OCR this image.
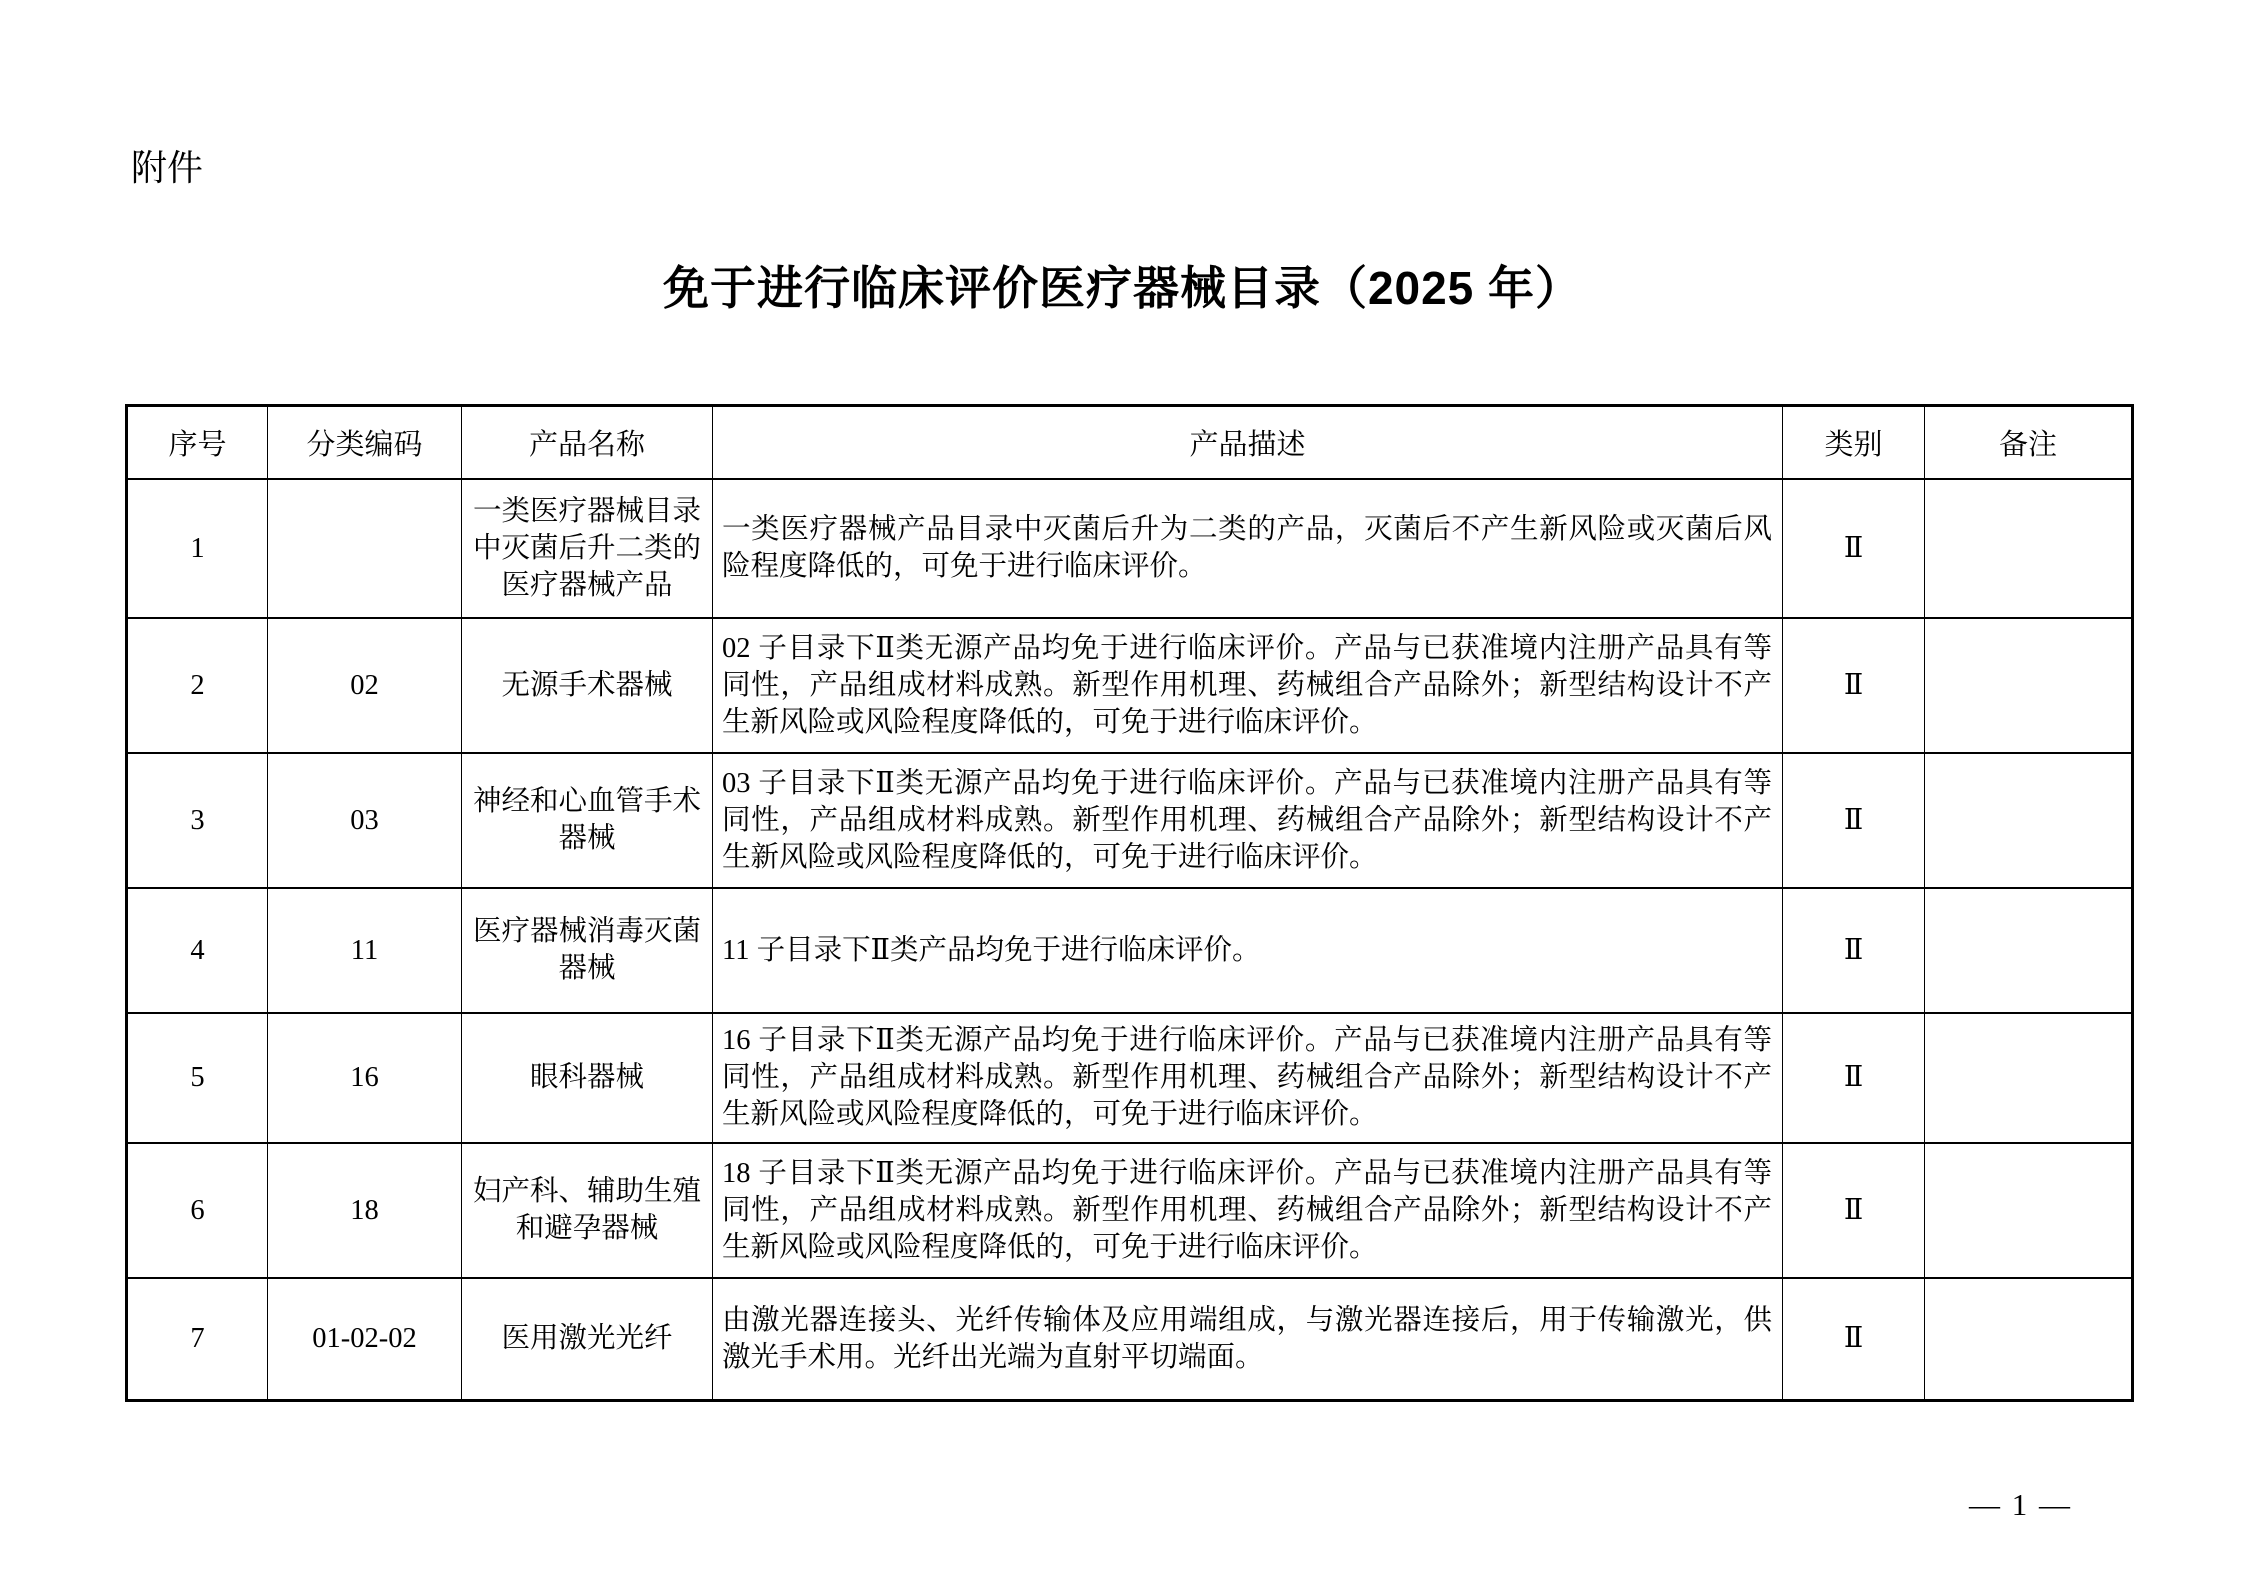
附件
免于进行临床评价医疗器械目录（2025 年）
序号	分类编码	产品名称	产品描述	类别	备注
1		一类医疗器械目录中灭菌后升二类的医疗器械产品	一类医疗器械产品目录中灭菌后升为二类的产品，灭菌后不产生新风险或灭菌后风险程度降低的，可免于进行临床评价。	Ⅱ	
2	02	无源手术器械	02 子目录下Ⅱ类无源产品均免于进行临床评价。产品与已获准境内注册产品具有等同性，产品组成材料成熟。新型作用机理、药械组合产品除外；新型结构设计不产生新风险或风险程度降低的，可免于进行临床评价。	Ⅱ	
3	03	神经和心血管手术器械	03 子目录下Ⅱ类无源产品均免于进行临床评价。产品与已获准境内注册产品具有等同性，产品组成材料成熟。新型作用机理、药械组合产品除外；新型结构设计不产生新风险或风险程度降低的，可免于进行临床评价。	Ⅱ	
4	11	医疗器械消毒灭菌器械	11 子目录下Ⅱ类产品均免于进行临床评价。	Ⅱ	
5	16	眼科器械	16 子目录下Ⅱ类无源产品均免于进行临床评价。产品与已获准境内注册产品具有等同性，产品组成材料成熟。新型作用机理、药械组合产品除外；新型结构设计不产生新风险或风险程度降低的，可免于进行临床评价。	Ⅱ	
6	18	妇产科、辅助生殖和避孕器械	18 子目录下Ⅱ类无源产品均免于进行临床评价。产品与已获准境内注册产品具有等同性，产品组成材料成熟。新型作用机理、药械组合产品除外；新型结构设计不产生新风险或风险程度降低的，可免于进行临床评价。	Ⅱ	
7	01-02-02	医用激光光纤	由激光器连接头、光纤传输体及应用端组成，与激光器连接后，用于传输激光，供激光手术用。光纤出光端为直射平切端面。	Ⅱ	
— 1 —
